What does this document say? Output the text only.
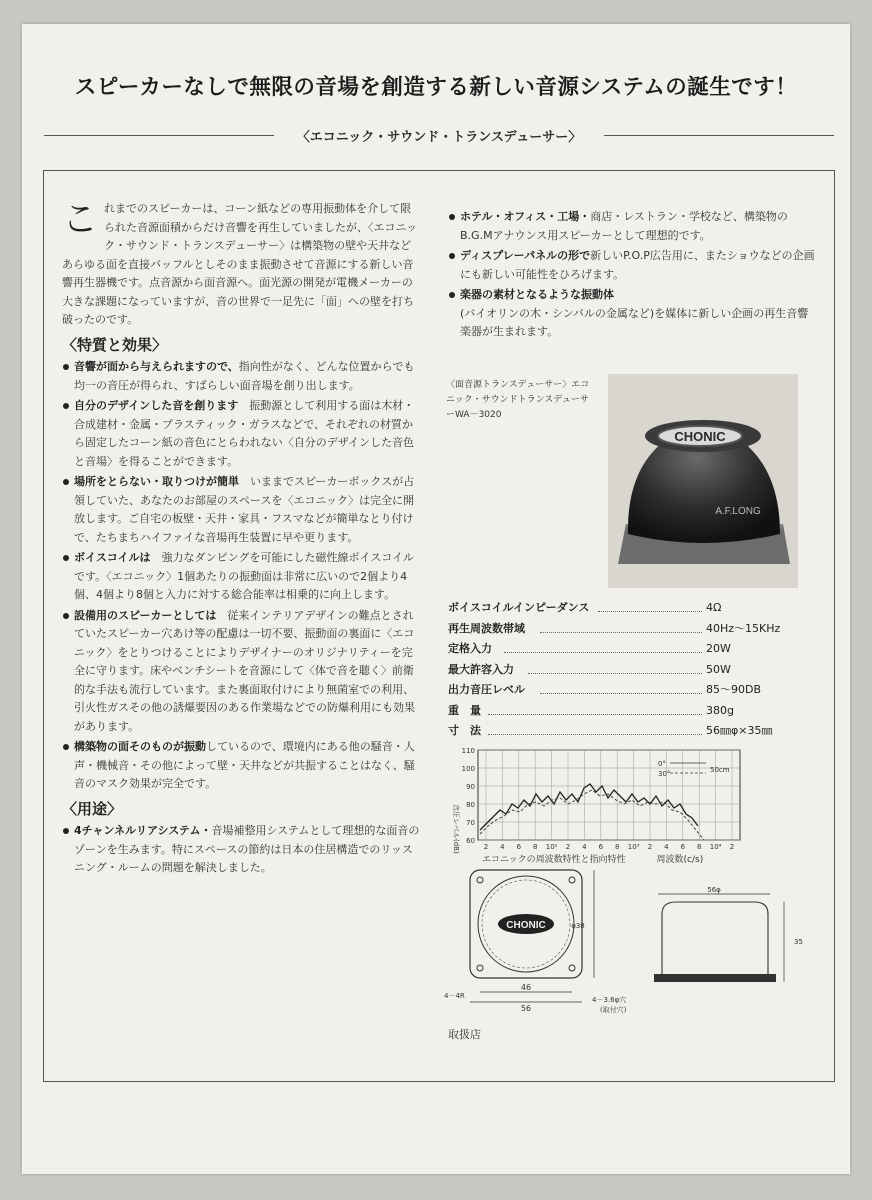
スピーカーなしで無限の音場を創造する新しい音源システムの誕生です！
〈エコニック・サウンド・トランスデューサー〉

これまでのスピーカーは、コーン紙などの専用振動体を介して限られた音源面積からだけ音響を再生していましたが、〈エコニック・サウンド・トランスデューサー〉は構築物の壁や天井などあらゆる面を直接バッフルとしそのまま振動させて音源にする新しい音響再生器機です。点音源から面音源へ。面光源の開発が電機メーカーの大きな課題になっていますが、音の世界で一足先に「面」への壁を打ち破ったのです。

〈特質と効果〉
音響が面から与えられますので、指向性がなく、どんな位置からでも均一の音圧が得られ、すばらしい面音場を創り出します。
自分のデザインした音を創ります　 振動源として利用する面は木材・合成建材・金属・プラスティック・ガラスなどで、それぞれの材質から固定したコーン紙の音色にとらわれない〈自分のデザインした音色と音場〉を得ることができます。
場所をとらない・取りつけが簡単　 いままでスピーカーボックスが占領していた、あなたのお部屋のスペースを〈エコニック〉は完全に開放します。ご自宅の板壁・天井・家具・フスマなどが簡単なとり付けで、たちまちハイファイな音場再生装置に早や更ります。
ボイスコイルは　 強力なダンピングを可能にした磁性線ボイスコイルです。〈エコニック〉1個あたりの振動面は非常に広いので2個より4個、4個より8個と入力に対する総合能率は相乗的に向上します。
設備用のスピーカーとしては　 従来インテリアデザインの難点とされていたスピーカー穴あけ等の配慮は一切不要、振動面の裏面に〈エコニック〉をとりつけることによりデザイナーのオリジナリティーを完全に守ります。床やベンチシートを音源にして〈体で音を聴く〉前衛的な手法も流行しています。また裏面取付けにより無菌室での利用、引火性ガスその他の誘爆要因のある作業場などでの防爆利用にも効果があります。
構築物の面そのものが振動しているので、環境内にある他の騒音・人声・機械音・その他によって壁・天井などが共振することはなく、騒音のマスク効果が完全です。
〈用途〉
4チャンネルリアシステム・音場補整用システムとして理想的な面音のゾーンを生みます。特にスペースの節約は日本の住居構造でのリッスニング・ルームの問題を解決しました。
ホテル・オフィス・工場・商店・レストラン・学校など、構築物のB.G.Mアナウンス用スピーカーとして理想的です。
ディスプレーパネルの形で新しいP.O.P広告用に、またショウなどの企画にも新しい可能性をひろげます。
楽器の素材となるような振動体
(バイオリンの木・シンバルの金属など)を媒体に新しい企画の再生音響楽器が生まれます。
〈面音源トランスデューサー〉エコニック・サウンドトランスデューサーWA－3020
CHONIC
A.F.LONG
ボイスコイルインピーダンス	4Ω
再生周波数帯域	40Hz～15KHz
定格入力	20W
最大許容入力	50W
出力音圧レベル	85～90DB
重　量	380g
寸　法	56㎜φ×35㎜
110
100
90
80
70
60
2 4 6 8 10² 2 4 6 8 10³ 2 4 6 8 10⁴ 2
音圧レベル(dB)
0°
30°	50cm
エコニックの周波数特性と指向特性	周波数(c/s)
CHONIC
46
56
φ38
4－4R	4－3.6φ穴
(取付穴)
56φ
35
取扱店
